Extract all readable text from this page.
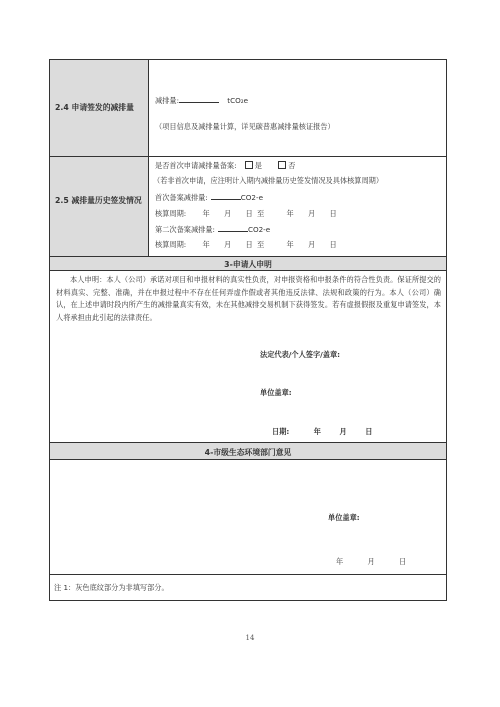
2.4 申请签发的减排量
减排量:	tCO₂e
（项目信息及减排量计算，详见碳普惠减排量核证报告）
2.5 减排量历史签发情况
是否首次申请减排量备案:	是	否
（若非首次申请，应注明计入期内减排量历史签发情况及具体核算周期）
首次备案减排量:	CO2-e
核算周期: 年 月 日 至	年 月 日
第二次备案减排量:	CO2-e
核算周期: 年 月 日 至	年 月 日
3-申请人申明
本人申明：本人（公司）承诺对项目和申报材料的真实性负责，对申报资格和申报条件的符合性负责。保证所提交的材料真实、完整、准确，并在申报过程中不存在任何弄虚作假或者其他违反法律、法规和政策的行为。本人（公司）确认，在上述申请时段内所产生的减排量真实有效，未在其他减排交易机制下获得签发。若有虚报假报及重复申请签发，本人将承担由此引起的法律责任。
法定代表/个人签字/盖章:
单位盖章:
日期:	年	月	日
4-市级生态环境部门意见
单位盖章:
年	月	日
注 1：灰色底纹部分为非填写部分。
14
